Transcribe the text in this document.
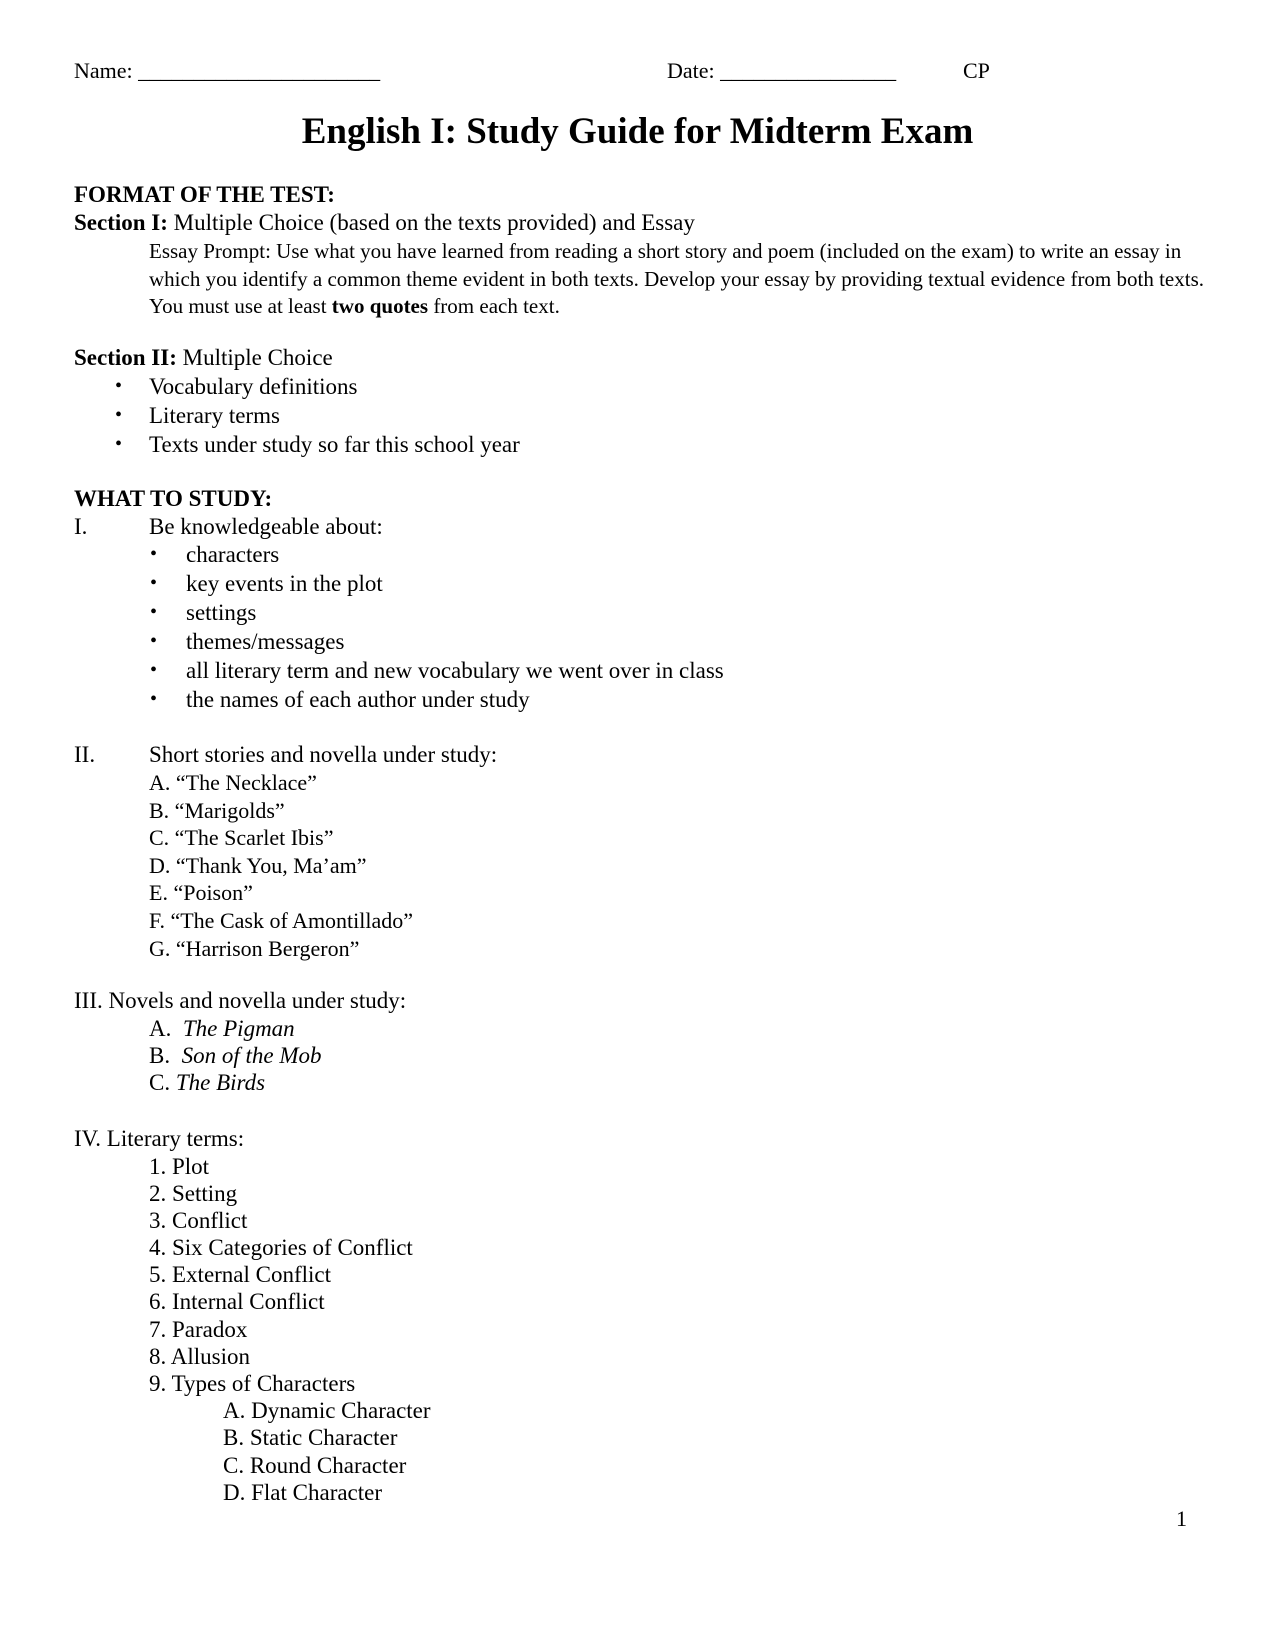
Name: ______________________	Date: ________________	CP
English I: Study Guide for Midterm Exam
FORMAT OF THE TEST:
Section I: Multiple Choice (based on the texts provided) and Essay

Essay Prompt: Use what you have learned from reading a short story and poem (included on the exam) to write an essay in which you identify a common theme evident in both texts. Develop your essay by providing textual evidence from both texts. You must use at least two quotes from each text.

Section II: Multiple Choice
• Vocabulary definitions
• Literary terms
• Texts under study so far this school year
WHAT TO STUDY:
I.	Be knowledgeable about:
• characters
• key events in the plot
• settings
• themes/messages
• all literary term and new vocabulary we went over in class
• the names of each author under study
II. Short stories and novella under study:
A. “The Necklace”
B. “Marigolds”
C. “The Scarlet Ibis”
D. “Thank You, Ma’am”
E. “Poison”
F. “The Cask of Amontillado”
G. “Harrison Bergeron”
III. Novels and novella under study:
A.  The Pigman
B.  Son of the Mob
C. The Birds
IV. Literary terms:
1. Plot
2. Setting
3. Conflict
4. Six Categories of Conflict
5. External Conflict
6. Internal Conflict
7. Paradox
8. Allusion
9. Types of Characters
A. Dynamic Character
B. Static Character
C. Round Character
D. Flat Character
1
